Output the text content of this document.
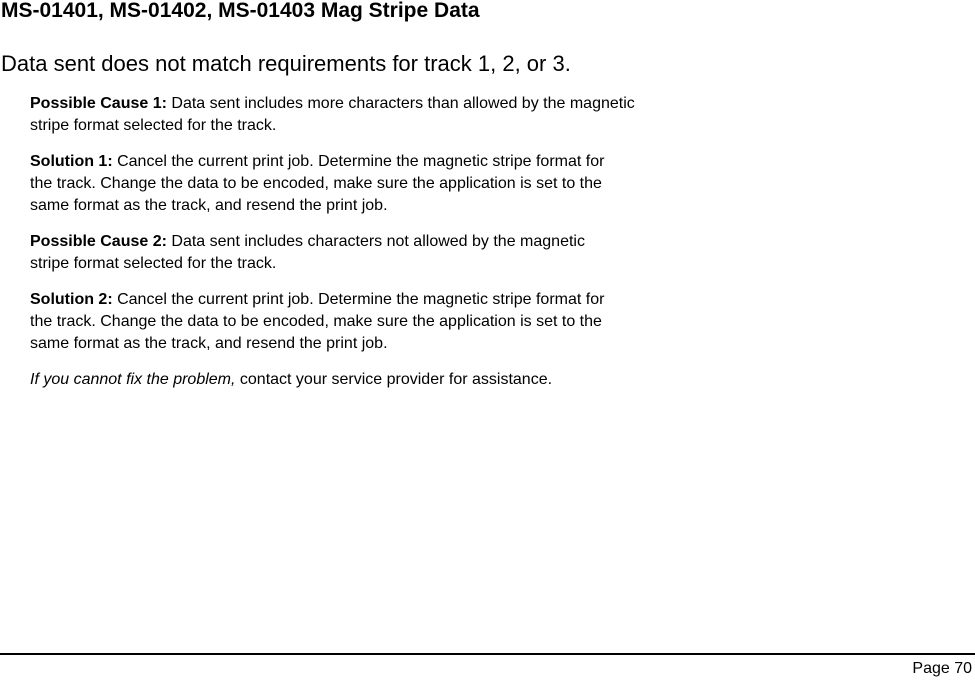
MS-01401, MS-01402, MS-01403 Mag Stripe Data
Data sent does not match requirements for track 1, 2, or 3.

Possible Cause 1: Data sent includes more characters than allowed by the magnetic stripe format selected for the track.

Solution 1: Cancel the current print job. Determine the magnetic stripe format for the track. Change the data to be encoded, make sure the application is set to the same format as the track, and resend the print job.

Possible Cause 2: Data sent includes characters not allowed by the magnetic stripe format selected for the track.

Solution 2: Cancel the current print job. Determine the magnetic stripe format for the track. Change the data to be encoded, make sure the application is set to the same format as the track, and resend the print job.

If you cannot fix the problem, contact your service provider for assistance.

Page 70
